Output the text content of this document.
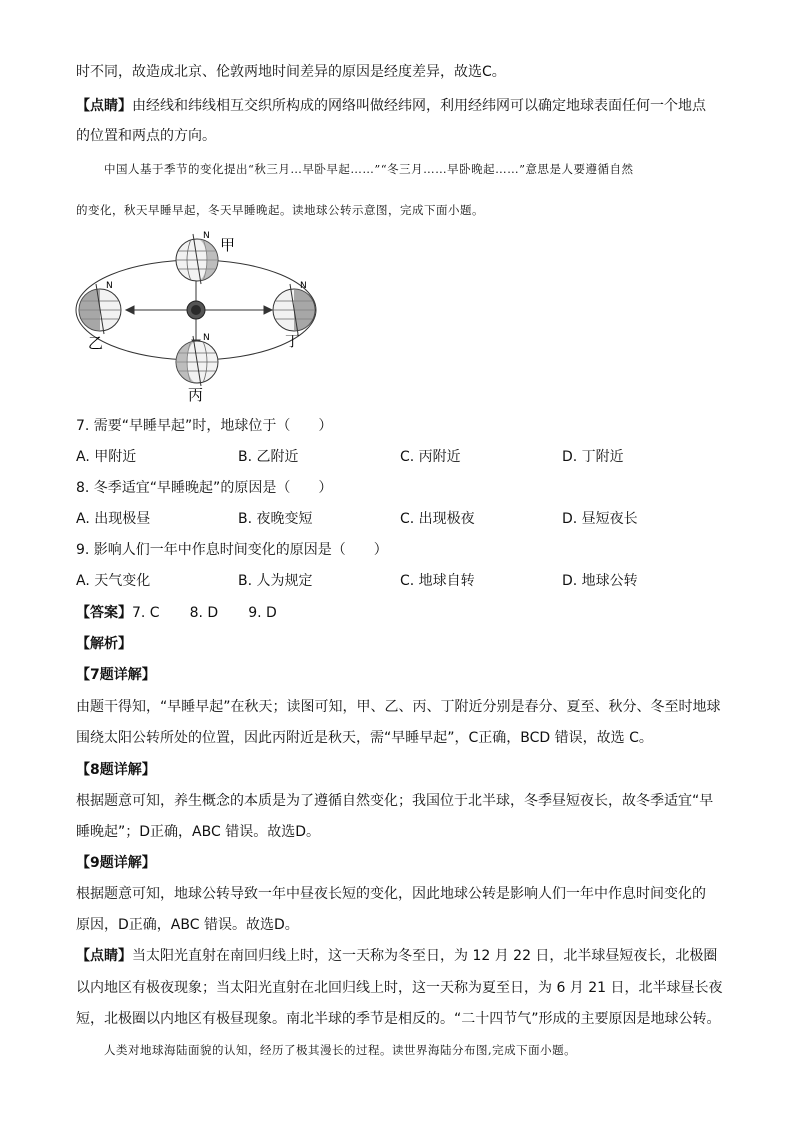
时不同，故造成北京、伦敦两地时间差异的原因是经度差异，故选C。
【点睛】由经线和纬线相互交织所构成的网络叫做经纬网，利用经纬网可以确定地球表面任何一个地点
的位置和两点的方向。
中国人基于季节的变化提出“秋三月…早卧早起……”“冬三月……早卧晚起……”意思是人要遵循自然
的变化，秋天早睡早起，冬天早睡晚起。读地球公转示意图，完成下面小题。
N
N
N
N
甲
乙
丙
丁
7. 需要“早睡早起”时，地球位于（　　）
A. 甲附近	B. 乙附近	C. 丙附近	D. 丁附近
8. 冬季适宜“早睡晚起”的原因是（　　）
A. 出现极昼	B. 夜晚变短	C. 出现极夜	D. 昼短夜长
9. 影响人们一年中作息时间变化的原因是（　　）
A. 天气变化	B. 人为规定	C. 地球自转	D. 地球公转
【答案】7. C 8. D 9. D
【解析】
【7题详解】
由题干得知，“早睡早起”在秋天；读图可知，甲、乙、丙、丁附近分别是春分、夏至、秋分、冬至时地球
围绕太阳公转所处的位置，因此丙附近是秋天，需“早睡早起”，C正确，BCD 错误，故选 C。
【8题详解】
根据题意可知，养生概念的本质是为了遵循自然变化；我国位于北半球，冬季昼短夜长，故冬季适宜“早
睡晚起”；D正确，ABC 错误。故选D。
【9题详解】
根据题意可知，地球公转导致一年中昼夜长短的变化，因此地球公转是影响人们一年中作息时间变化的
原因，D正确，ABC 错误。故选D。
【点睛】当太阳光直射在南回归线上时，这一天称为冬至日，为 12 月 22 日，北半球昼短夜长，北极圈
以内地区有极夜现象；当太阳光直射在北回归线上时，这一天称为夏至日，为 6 月 21 日，北半球昼长夜
短，北极圈以内地区有极昼现象。南北半球的季节是相反的。“二十四节气”形成的主要原因是地球公转。
人类对地球海陆面貌的认知，经历了极其漫长的过程。读世界海陆分布图,完成下面小题。
